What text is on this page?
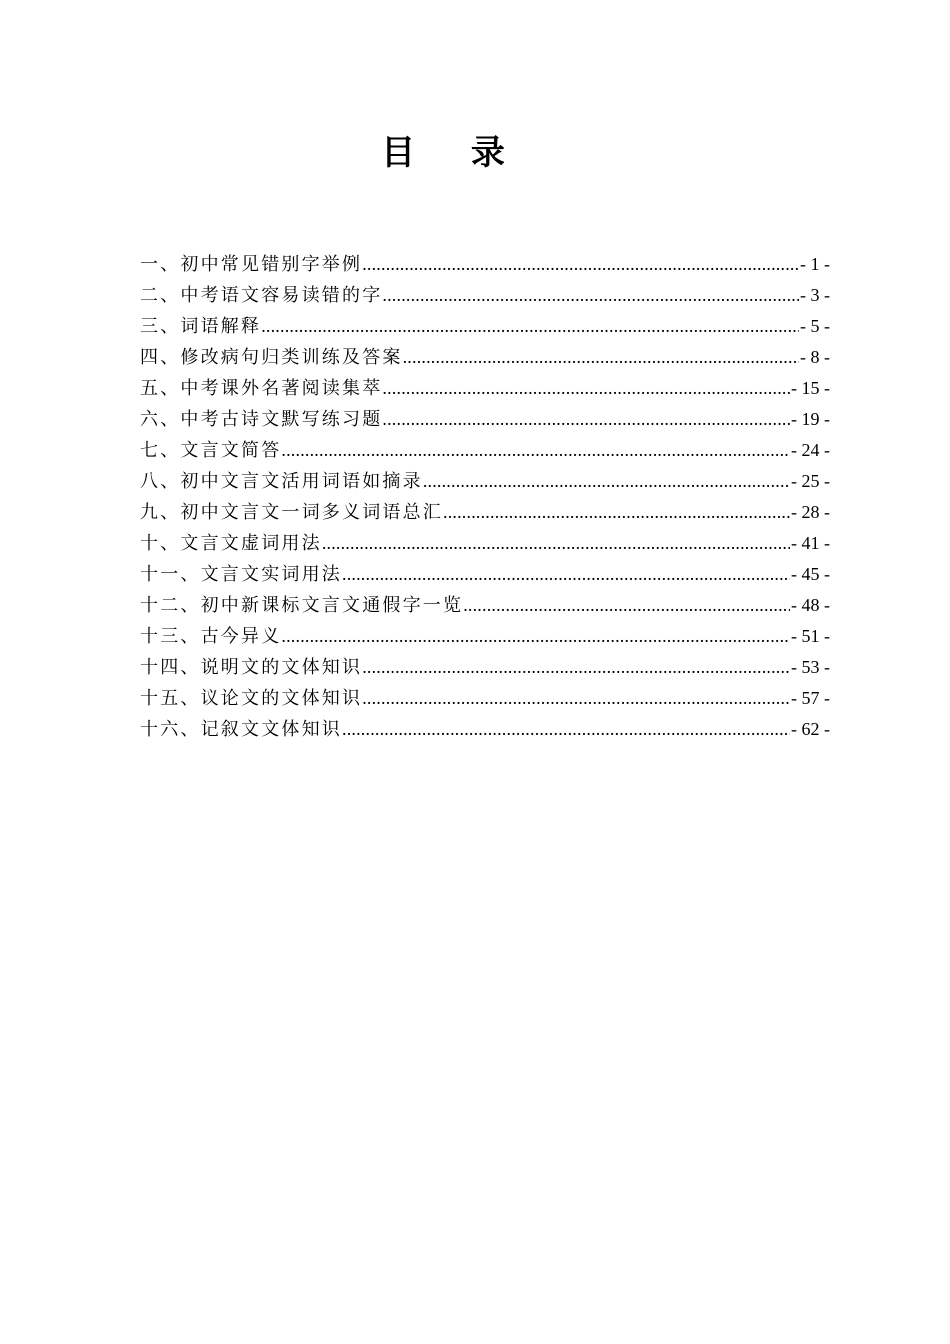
目 录
一、初中常见错别字举例 .....	- 1 -
二、中考语文容易读错的字 .....	- 3 -
三、词语解释 .....	- 5 -
四、修改病句归类训练及答案 .....	- 8 -
五、中考课外名著阅读集萃 .....	- 15 -
六、中考古诗文默写练习题 .....	- 19 -
七、文言文简答 .....	- 24 -
八、初中文言文活用词语如摘录 .....	- 25 -
九、初中文言文一词多义词语总汇 .....	- 28 -
十、文言文虚词用法 .....	- 41 -
十一、文言文实词用法 .....	- 45 -
十二、初中新课标文言文通假字一览 .....	- 48 -
十三、古今异义 .....	- 51 -
十四、说明文的文体知识 .....	- 53 -
十五、议论文的文体知识 .....	- 57 -
十六、记叙文文体知识 .....	- 62 -
